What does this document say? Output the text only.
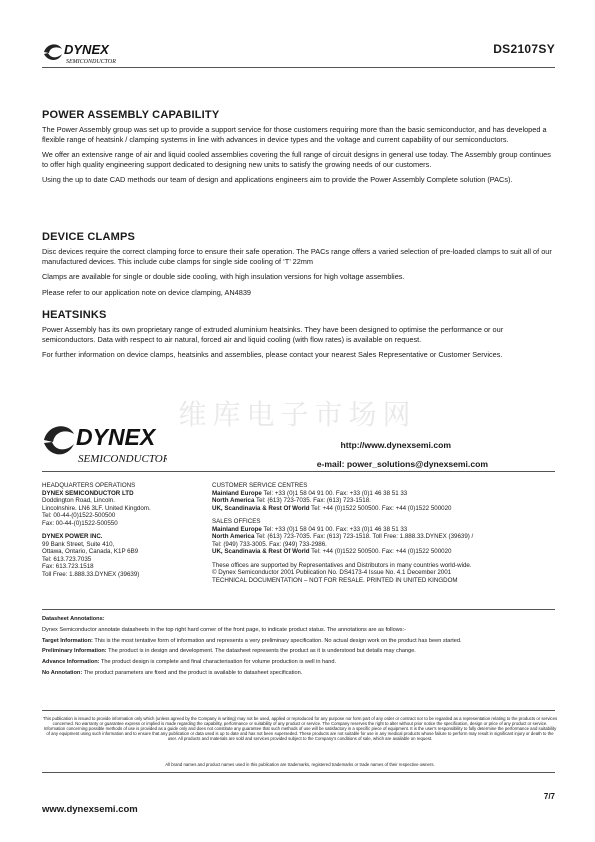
DYNEX
SEMICONDUCTOR
DS2107SY
POWER ASSEMBLY CAPABILITY

The Power Assembly group was set up to provide a support service for those customers requiring more than the basic semiconductor, and has developed a flexible range of heatsink / clamping systems in line with advances in device types and the voltage and current capability of our semiconductors.

We offer an extensive range of air and liquid cooled assemblies covering the full range of circuit designs in general use today. The Assembly group continues to offer high quality engineering support dedicated to designing new units to satisfy the growing needs of our customers.

Using the up to date CAD methods our team of design and applications engineers aim to provide the Power Assembly Complete solution (PACs).

DEVICE CLAMPS

Disc devices require the correct clamping force to ensure their safe operation. The PACs range offers a varied selection of pre-loaded clamps to suit all of our manufactured devices. This include cube clamps for single side cooling of ‘T’ 22mm

Clamps are available for single or double side cooling, with high insulation versions for high voltage assemblies.

Please refer to our application note on device clamping, AN4839

HEATSINKS

Power Assembly has its own proprietary range of extruded aluminium heatsinks. They have been designed to optimise the performance or our semiconductors. Data with respect to air natural, forced air and liquid cooling (with flow rates) is available on request.

For further information on device clamps, heatsinks and assemblies, please contact your nearest Sales Representative or Customer Services.

维库电子市场网
DYNEX
SEMICONDUCTOR
http://www.dynexsemi.com
e-mail: power_solutions@dynexsemi.com
HEADQUARTERS OPERATIONS
DYNEX SEMICONDUCTOR LTD
Doddington Road, Lincoln.
Lincolnshire. LN6 3LF. United Kingdom.
Tel: 00-44-(0)1522-500500
Fax: 00-44-(0)1522-500550
DYNEX POWER INC.
99 Bank Street, Suite 410,
Ottawa, Ontario, Canada, K1P 6B9
Tel: 613.723.7035
Fax: 613.723.1518
Toll Free: 1.888.33.DYNEX (39639)
CUSTOMER SERVICE CENTRES
Mainland Europe Tel: +33 (0)1 58 04 91 00. Fax: +33 (0)1 46 38 51 33
North America Tel: (613) 723-7035. Fax: (613) 723-1518.
UK, Scandinavia & Rest Of World Tel: +44 (0)1522 500500. Fax: +44 (0)1522 500020
SALES OFFICES
Mainland Europe Tel: +33 (0)1 58 04 91 00. Fax: +33 (0)1 46 38 51 33
North America Tel: (613) 723-7035. Fax: (613) 723-1518. Toll Free: 1.888.33.DYNEX (39639) /
Tel: (949) 733-3005. Fax: (949) 733-2986.
UK, Scandinavia & Rest Of World Tel: +44 (0)1522 500500. Fax: +44 (0)1522 500020
These offices are supported by Representatives and Distributors in many countries world-wide.
© Dynex Semiconductor 2001 Publication No. DS4173-4 Issue No. 4.1 December 2001
TECHNICAL DOCUMENTATION – NOT FOR RESALE. PRINTED IN UNITED KINGDOM
Datasheet Annotations:
Dynex Semiconductor annotate datasheets in the top right hard corner of the front page, to indicate product status. The annotations are as follows:-
Target Information: This is the most tentative form of information and represents a very preliminary specification. No actual design work on the product has been started.
Preliminary Information: The product is in design and development. The datasheet represents the product as it is understood but details may change.
Advance Information: The product design is complete and final characterisation for volume production is well in hand.
No Annotation: The product parameters are fixed and the product is available to datasheet specification.
This publication is issued to provide information only which (unless agreed by the Company in writing) may not be used, applied or reproduced for any purpose nor form part of any order or contract nor to be regarded as a representation relating to the products or services concerned. No warranty or guarantee express or implied is made regarding the capability, performance or suitability of any product or service. The Company reserves the right to alter without prior notice the specification, design or price of any product or service. Information concerning possible methods of use is provided as a guide only and does not constitute any guarantee that such methods of use will be satisfactory in a specific piece of equipment. It is the user's responsibility to fully determine the performance and suitability of any equipment using such information and to ensure that any publication or data used is up to date and has not been superseded. These products are not suitable for use in any medical products whose failure to perform may result in significant injury or death to the user. All products and materials are sold and services provided subject to the Company's conditions of sale, which are available on request.
All brand names and product names used in this publication are trademarks, registered trademarks or trade names of their respective owners.
7/7
www.dynexsemi.com
